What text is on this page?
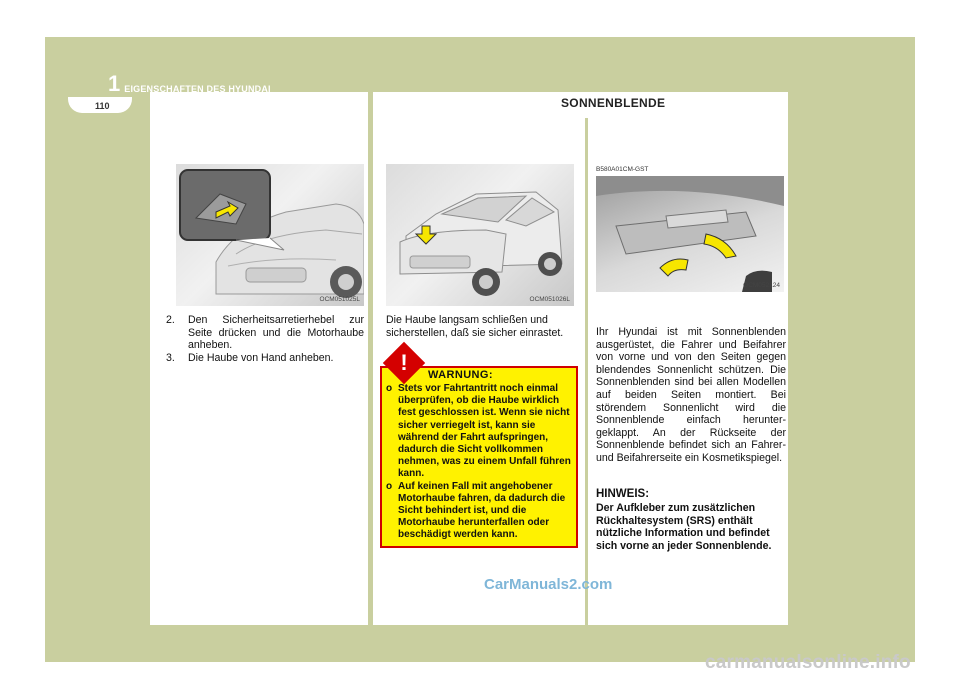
1 EIGENSCHAFTEN DES HYUNDAI
110	SONNENBLENDE
OCM051025L	OCM051026L
B580A01CM-GST
OCM052124
2.	Den Sicherheitsarretierhebel zur Seite drücken und die Motorhaube anheben.
3.	Die Haube von Hand anheben.
Die Haube langsam schließen und sicherstellen, daß sie sicher einrastet.
!	WARNUNG:
o Stets vor Fahrtantritt noch einmal überprüfen, ob die Haube wirklich fest geschlossen ist. Wenn sie nicht sicher verriegelt ist, kann sie während der Fahrt aufspringen, dadurch die Sicht vollkommen nehmen, was zu einem Unfall führen kann.
o Auf keinen Fall mit angehobener Motorhaube fahren, da dadurch die Sicht behindert ist, und die Motorhaube herunterfallen oder beschädigt werden kann.
Ihr Hyundai ist mit Sonnenblenden ausgerüstet, die Fahrer und Beifahrer von vorne und von den Seiten gegen blendendes Sonnenlicht schützen. Die Sonnenblenden sind bei allen Modellen auf beiden Seiten montiert. Bei störendem Sonnenlicht wird die Sonnenblende einfach herunter-geklappt. An der Rückseite der Sonnenblende befindet sich an Fahrer-und Beifahrerseite ein Kosmetikspiegel.
HINWEIS:
Der Aufkleber zum zusätzlichen Rückhaltesystem (SRS) enthält nützliche Information und befindet sich vorne an jeder Sonnenblende.
CarManuals2.com
carmanualsonline.info
